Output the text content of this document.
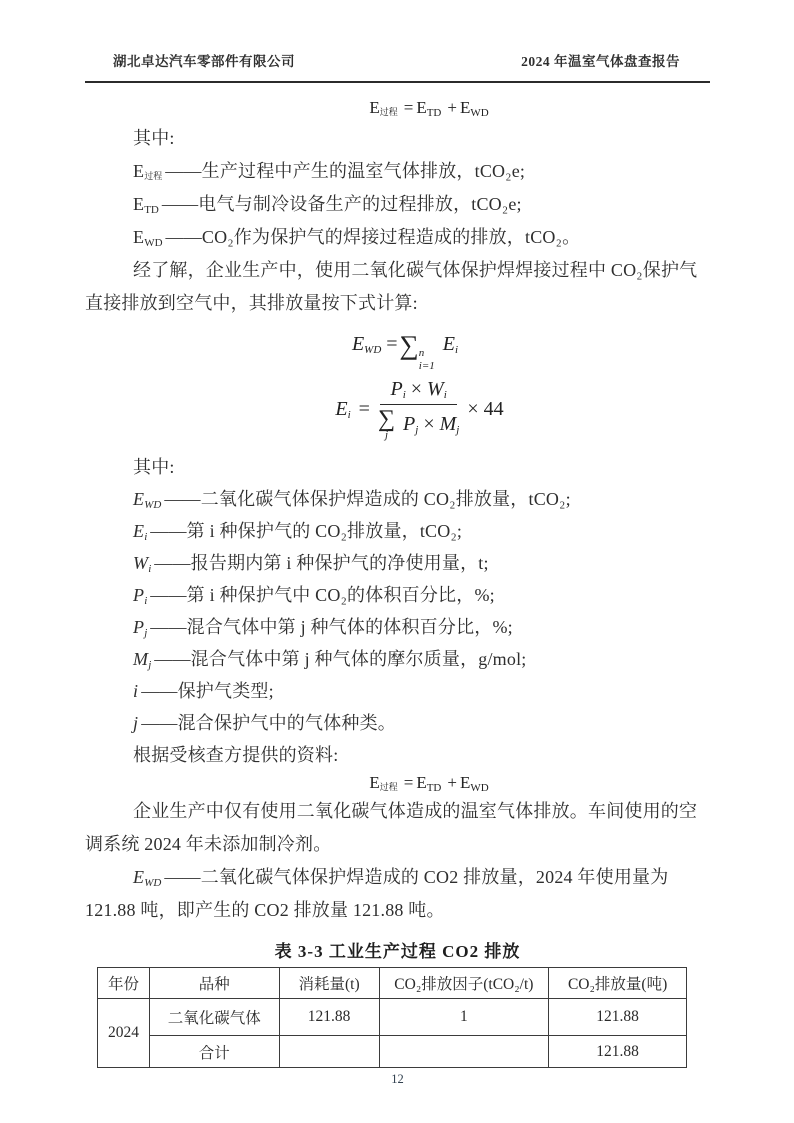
湖北卓达汽车零部件有限公司	2024 年温室气体盘查报告
$E_{过程} = E_{TD} + E_{WD}$

其中:

$E_{过程}$ ——生产过程中产生的温室气体排放，tCO₂e;

$E_{TD}$ ——电气与制冷设备生产的过程排放，tCO₂e;

$E_{WD}$ ——CO₂作为保护气的焊接过程造成的排放，tCO₂。

经了解，企业生产中，使用二氧化碳气体保护焊焊接过程中 CO₂保护气直接排放到空气中，其排放量按下式计算:

$E_{WD}$ =∑ n
i=1
$E_i$
$E_i = P_i \times W_i$
∑
j
$P_j \times M_j \times 44$

其中:

$E_{WD}$ ——二氧化碳气体保护焊造成的 CO₂排放量，tCO₂;

$E_i$ ——第 i 种保护气的 CO₂排放量，tCO₂;

$W_i$ ——报告期内第 i 种保护气的净使用量，t;

$P_i$ ——第 i 种保护气中 CO₂的体积百分比，%;

$P_j$ ——混合气体中第 j 种气体的体积百分比，%;

$M_j$ ——混合气体中第 j 种气体的摩尔质量，g/mol;

i ——保护气类型;

j ——混合保护气中的气体种类。

根据受核查方提供的资料:

$E_{过程} = E_{TD} + E_{WD}$

企业生产中仅有使用二氧化碳气体造成的温室气体排放。车间使用的空调系统 2024 年未添加制冷剂。

$E_{WD}$ ——二氧化碳气体保护焊造成的 CO2 排放量，2024 年使用量为 121.88 吨，即产生的 CO2 排放量 121.88 吨。

表 3-3 工业生产过程 CO2 排放
年份	品种	消耗量(t)	CO₂排放因子(tCO₂/t)	CO₂排放量(吨)
2024	二氧化碳气体	121.88	1	121.88
	合计			121.88
12
